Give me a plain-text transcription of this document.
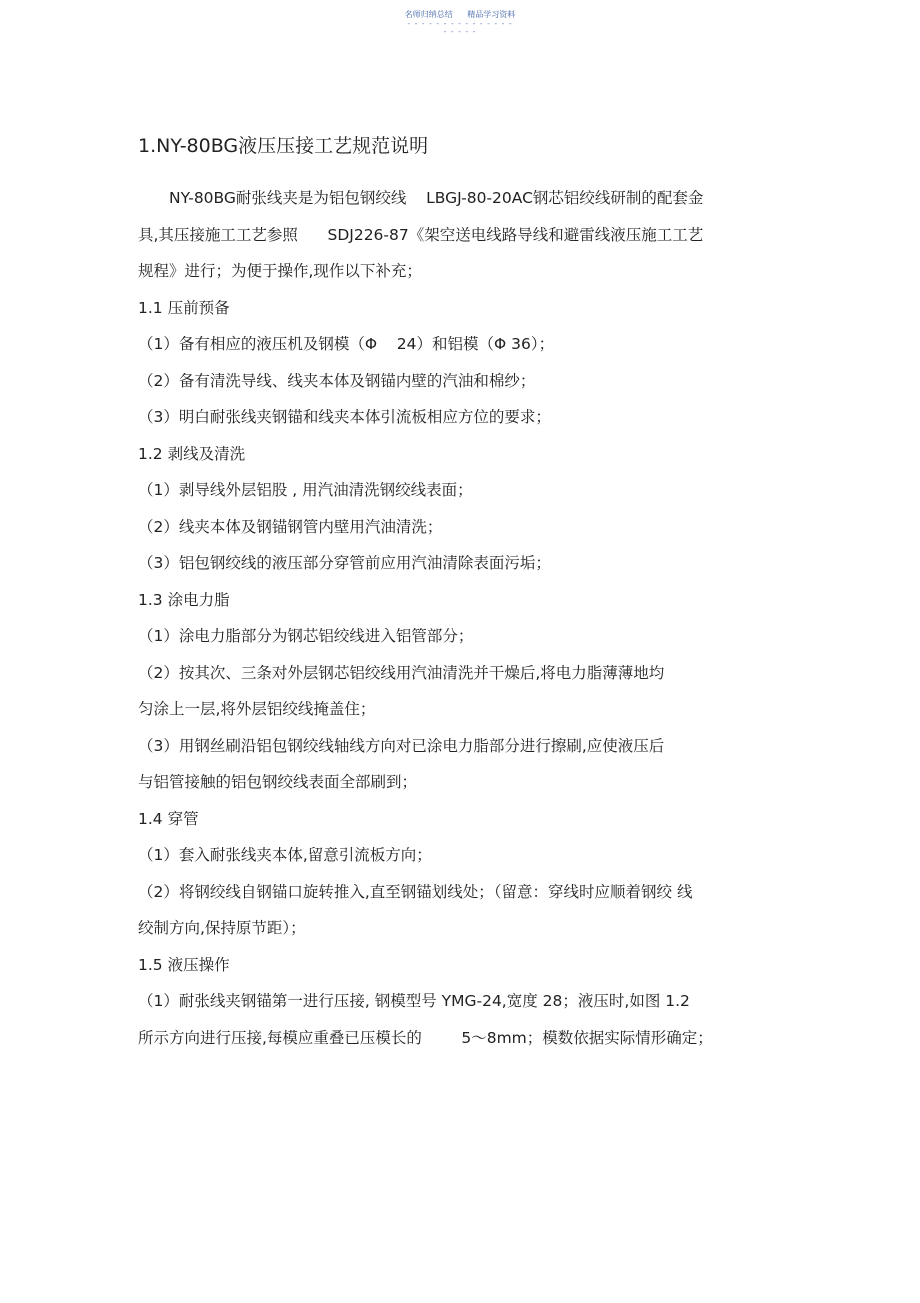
名师归纳总结 精品学习资料
- - - - - - - - - - - - - - -
- - - - -
1.NY-80BG液压压接工艺规范说明

NY-80BG耐张线夹是为铝包钢绞线    LBGJ-80-20AC钢芯铝绞线研制的配套金

具,其压接施工工艺参照      SDJ226-87《架空送电线路导线和避雷线液压施工工艺

规程》进行；为便于操作,现作以下补充；

1.1 压前预备

（1）备有相应的液压机及钢模（Φ    24）和铝模（Φ 36）；

（2）备有清洗导线、线夹本体及钢锚内壁的汽油和棉纱；

（3）明白耐张线夹钢锚和线夹本体引流板相应方位的要求；

1.2 剥线及清洗

（1）剥导线外层铝股 , 用汽油清洗钢绞线表面；

（2）线夹本体及钢锚钢管内壁用汽油清洗；

（3）铝包钢绞线的液压部分穿管前应用汽油清除表面污垢；

1.3 涂电力脂

（1）涂电力脂部分为钢芯铝绞线进入铝管部分；

（2）按其次、三条对外层钢芯铝绞线用汽油清洗并干燥后,将电力脂薄薄地均

匀涂上一层,将外层铝绞线掩盖住；

（3）用钢丝刷沿铝包钢绞线轴线方向对已涂电力脂部分进行擦刷,应使液压后

与铝管接触的铝包钢绞线表面全部刷到；

1.4 穿管

（1）套入耐张线夹本体,留意引流板方向；

（2）将钢绞线自钢锚口旋转推入,直至钢锚划线处；（留意：穿线时应顺着钢绞 线

绞制方向,保持原节距）；

1.5 液压操作

（1）耐张线夹钢锚第一进行压接, 钢模型号 YMG-24,宽度 28；液压时,如图 1.2

所示方向进行压接,每模应重叠已压模长的        5～8mm；模数依据实际情形确定；
